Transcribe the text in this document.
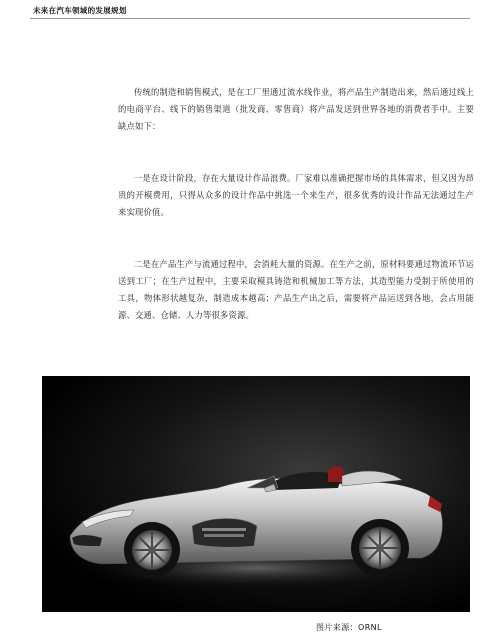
未来在汽车领域的发展规划

传统的制造和销售模式，是在工厂里通过流水线作业，将产品生产制造出来，然后通过线上的电商平台、线下的销售渠道（批发商、零售商）将产品发送到世界各地的消费者手中。主要缺点如下：

一是在设计阶段，存在大量设计作品浪费。厂家难以准确把握市场的具体需求，但又因为昂贵的开模费用，只得从众多的设计作品中挑选一个来生产，很多优秀的设计作品无法通过生产来实现价值。

二是在产品生产与流通过程中，会消耗大量的资源。在生产之前，原材料要通过物流环节运送到工厂；在生产过程中，主要采取模具铸造和机械加工等方法，其造型能力受制于所使用的工具，物体形状越复杂，制造成本越高；产品生产出之后，需要将产品运送到各地，会占用能源、交通、仓储、人力等很多资源。

图片来源：ORNL
